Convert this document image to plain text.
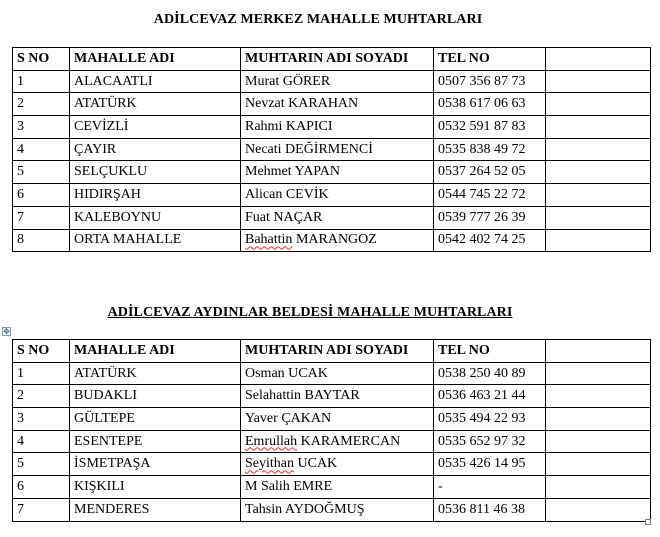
ADİLCEVAZ MERKEZ MAHALLE MUHTARLARI
S NO	MAHALLE ADI	MUHTARIN ADI SOYADI	TEL NO	
1	ALACAATLI	Murat GÖRER	0507 356 87 73	
2	ATATÜRK	Nevzat KARAHAN	0538 617 06 63	
3	CEVİZLİ	Rahmi KAPICI	0532 591 87 83	
4	ÇAYIR	Necati DEĞİRMENCİ	0535 838 49 72	
5	SELÇUKLU	Mehmet YAPAN	0537 264 52 05	
6	HIDIRŞAH	Alican CEVİK	0544 745 22 72	
7	KALEBOYNU	Fuat NAÇAR	0539 777 26 39	
8	ORTA MAHALLE	Bahattin MARANGOZ	0542 402 74 25	
✥
ADİLCEVAZ AYDINLAR BELDESİ MAHALLE MUHTARLARI
S NO	MAHALLE ADI	MUHTARIN ADI SOYADI	TEL NO	
1	ATATÜRK	Osman UCAK	0538 250 40 89	
2	BUDAKLI	Selahattin BAYTAR	0536 463 21 44	
3	GÜLTEPE	Yaver ÇAKAN	0535 494 22 93	
4	ESENTEPE	Emrullah KARAMERCAN	0535 652 97 32	
5	İSMETPAŞA	Seyithan UCAK	0535 426 14 95	
6	KIŞKILI	M Salih EMRE	-	
7	MENDERES	Tahsin AYDOĞMUŞ	0536 811 46 38	
